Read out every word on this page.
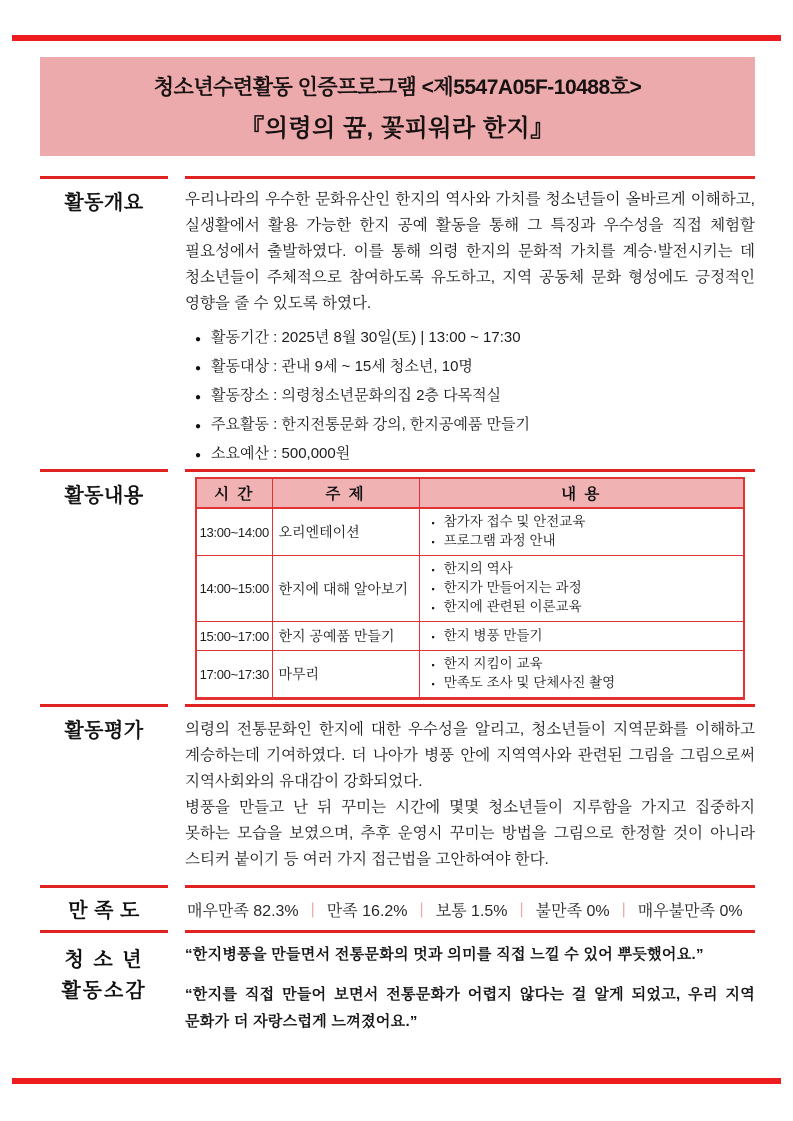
청소년수련활동 인증프로그램 <제5547A05F-10488호>
『의령의 꿈, 꽃피워라 한지』
활동개요	우리나라의 우수한 문화유산인 한지의 역사와 가치를 청소년들이 올바르게 이해하고, 실생활에서 활용 가능한 한지 공예 활동을 통해 그 특징과 우수성을 직접 체험할 필요성에서 출발하였다. 이를 통해 의령 한지의 문화적 가치를 계승·발전시키는 데 청소년들이 주체적으로 참여하도록 유도하고, 지역 공동체 문화 형성에도 긍정적인 영향을 줄 수 있도록 하였다.

● 활동기간 : 2025년 8월 30일(토) | 13:00 ~ 17:30
● 활동대상 : 관내 9세 ~ 15세 청소년, 10명
● 활동장소 : 의령청소년문화의집 2층 다목적실
● 주요활동 : 한지전통문화 강의, 한지공예품 만들기
● 소요예산 : 500,000원
활동내용	시 간	주 제	내 용
13:00~14:00	오리엔테이션	
▪ 참가자 접수 및 안전교육
▪ 프로그램 과정 안내

14:00~15:00	한지에 대해 알아보기	
▪ 한지의 역사
▪ 한지가 만들어지는 과정
▪ 한지에 관련된 이론교육

15:00~17:00	한지 공예품 만들기	▪ 한지 병풍 만들기

17:00~17:30	마무리	
▪ 한지 지킴이 교육
▪ 만족도 조사 및 단체사진 촬영
활동평가	의령의 전통문화인 한지에 대한 우수성을 알리고, 청소년들이 지역문화를 이해하고 계승하는데 기여하였다. 더 나아가 병풍 안에 지역역사와 관련된 그림을 그림으로써 지역사회와의 유대감이 강화되었다.

병풍을 만들고 난 뒤 꾸미는 시간에 몇몇 청소년들이 지루함을 가지고 집중하지 못하는 모습을 보였으며, 추후 운영시 꾸미는 방법을 그림으로 한정할 것이 아니라 스티커 붙이기 등 여러 가지 접근법을 고안하여야 한다.

만 족 도	매우만족 82.3%	| 만족 16.2%	| 보통 1.5%	| 불만족 0%	| 매우불만족 0%
청 소 년
활동소감
“한지병풍을 만들면서 전통문화의 멋과 의미를 직접 느낄 수 있어 뿌듯했어요.”
“한지를 직접 만들어 보면서 전통문화가 어렵지 않다는 걸 알게 되었고, 우리 지역 문화가 더 자랑스럽게 느껴졌어요.”
